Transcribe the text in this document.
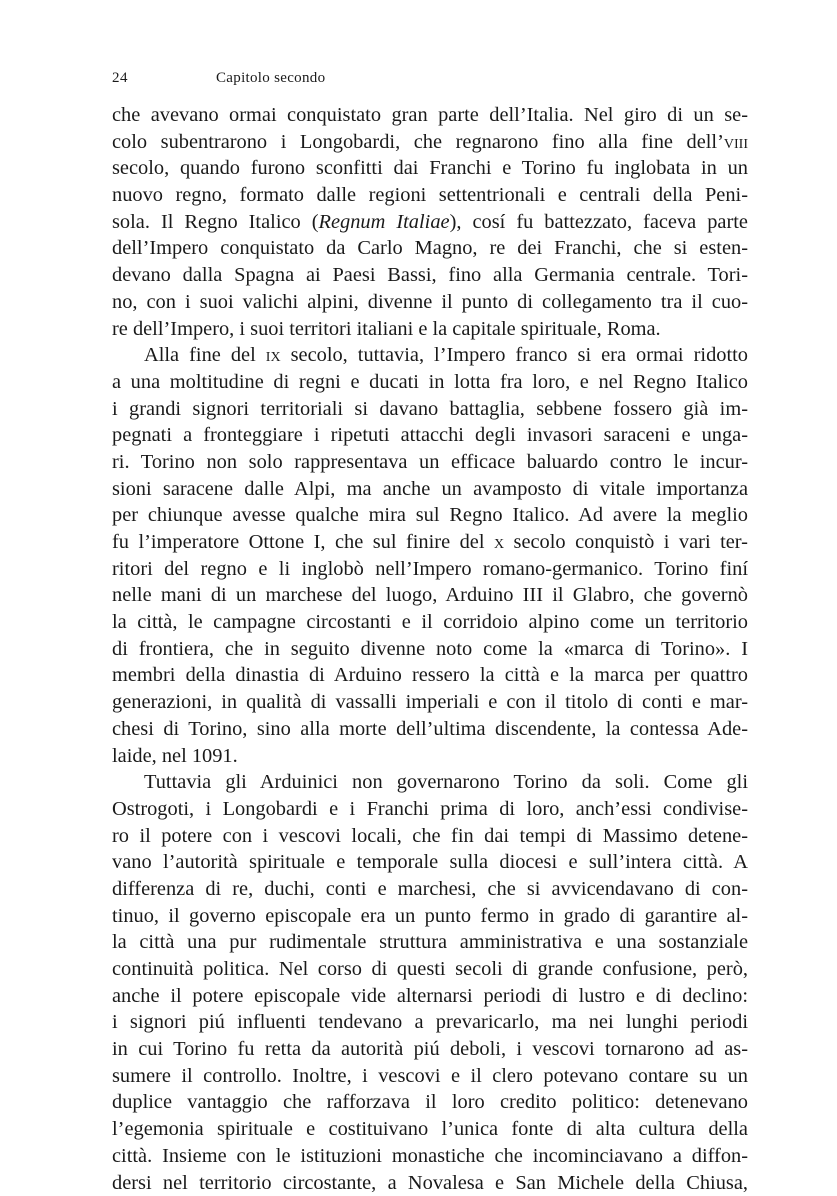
24	Capitolo secondo
che avevano ormai conquistato gran parte dell’Italia. Nel giro di un se-
colo subentrarono i Longobardi, che regnarono fino alla fine dell’viii
secolo, quando furono sconfitti dai Franchi e Torino fu inglobata in un
nuovo regno, formato dalle regioni settentrionali e centrali della Peni-
sola. Il Regno Italico (Regnum Italiae), cosí fu battezzato, faceva parte
dell’Impero conquistato da Carlo Magno, re dei Franchi, che si esten-
devano dalla Spagna ai Paesi Bassi, fino alla Germania centrale. Tori-
no, con i suoi valichi alpini, divenne il punto di collegamento tra il cuo-
re dell’Impero, i suoi territori italiani e la capitale spirituale, Roma.
Alla fine del ix secolo, tuttavia, l’Impero franco si era ormai ridotto
a una moltitudine di regni e ducati in lotta fra loro, e nel Regno Italico
i grandi signori territoriali si davano battaglia, sebbene fossero già im-
pegnati a fronteggiare i ripetuti attacchi degli invasori saraceni e unga-
ri. Torino non solo rappresentava un efficace baluardo contro le incur-
sioni saracene dalle Alpi, ma anche un avamposto di vitale importanza
per chiunque avesse qualche mira sul Regno Italico. Ad avere la meglio
fu l’imperatore Ottone I, che sul finire del x secolo conquistò i vari ter-
ritori del regno e li inglobò nell’Impero romano-germanico. Torino finí
nelle mani di un marchese del luogo, Arduino III il Glabro, che governò
la città, le campagne circostanti e il corridoio alpino come un territorio
di frontiera, che in seguito divenne noto come la «marca di Torino». I
membri della dinastia di Arduino ressero la città e la marca per quattro
generazioni, in qualità di vassalli imperiali e con il titolo di conti e mar-
chesi di Torino, sino alla morte dell’ultima discendente, la contessa Ade-
laide, nel 1091.
Tuttavia gli Arduinici non governarono Torino da soli. Come gli
Ostrogoti, i Longobardi e i Franchi prima di loro, anch’essi condivise-
ro il potere con i vescovi locali, che fin dai tempi di Massimo detene-
vano l’autorità spirituale e temporale sulla diocesi e sull’intera città. A
differenza di re, duchi, conti e marchesi, che si avvicendavano di con-
tinuo, il governo episcopale era un punto fermo in grado di garantire al-
la città una pur rudimentale struttura amministrativa e una sostanziale
continuità politica. Nel corso di questi secoli di grande confusione, però,
anche il potere episcopale vide alternarsi periodi di lustro e di declino:
i signori piú influenti tendevano a prevaricarlo, ma nei lunghi periodi
in cui Torino fu retta da autorità piú deboli, i vescovi tornarono ad as-
sumere il controllo. Inoltre, i vescovi e il clero potevano contare su un
duplice vantaggio che rafforzava il loro credito politico: detenevano
l’egemonia spirituale e costituivano l’unica fonte di alta cultura della
città. Insieme con le istituzioni monastiche che incominciavano a diffon-
dersi nel territorio circostante, a Novalesa e San Michele della Chiusa,
